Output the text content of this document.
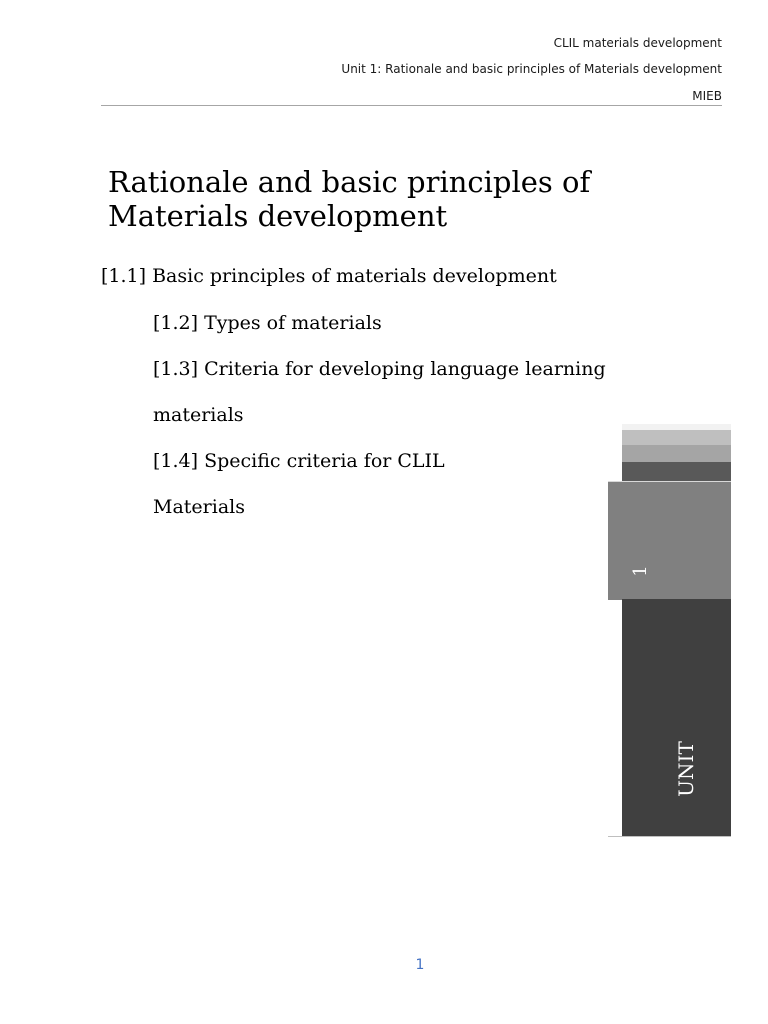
CLIL materials development
Unit 1: Rationale and basic principles of Materials development
MIEB
Rationale and basic principles of
Materials development
[1.1] Basic principles of materials development
[1.2] Types of materials
[1.3] Criteria for developing language learning
materials
[1.4] Specific criteria for CLIL
Materials
1
UNIT
1
